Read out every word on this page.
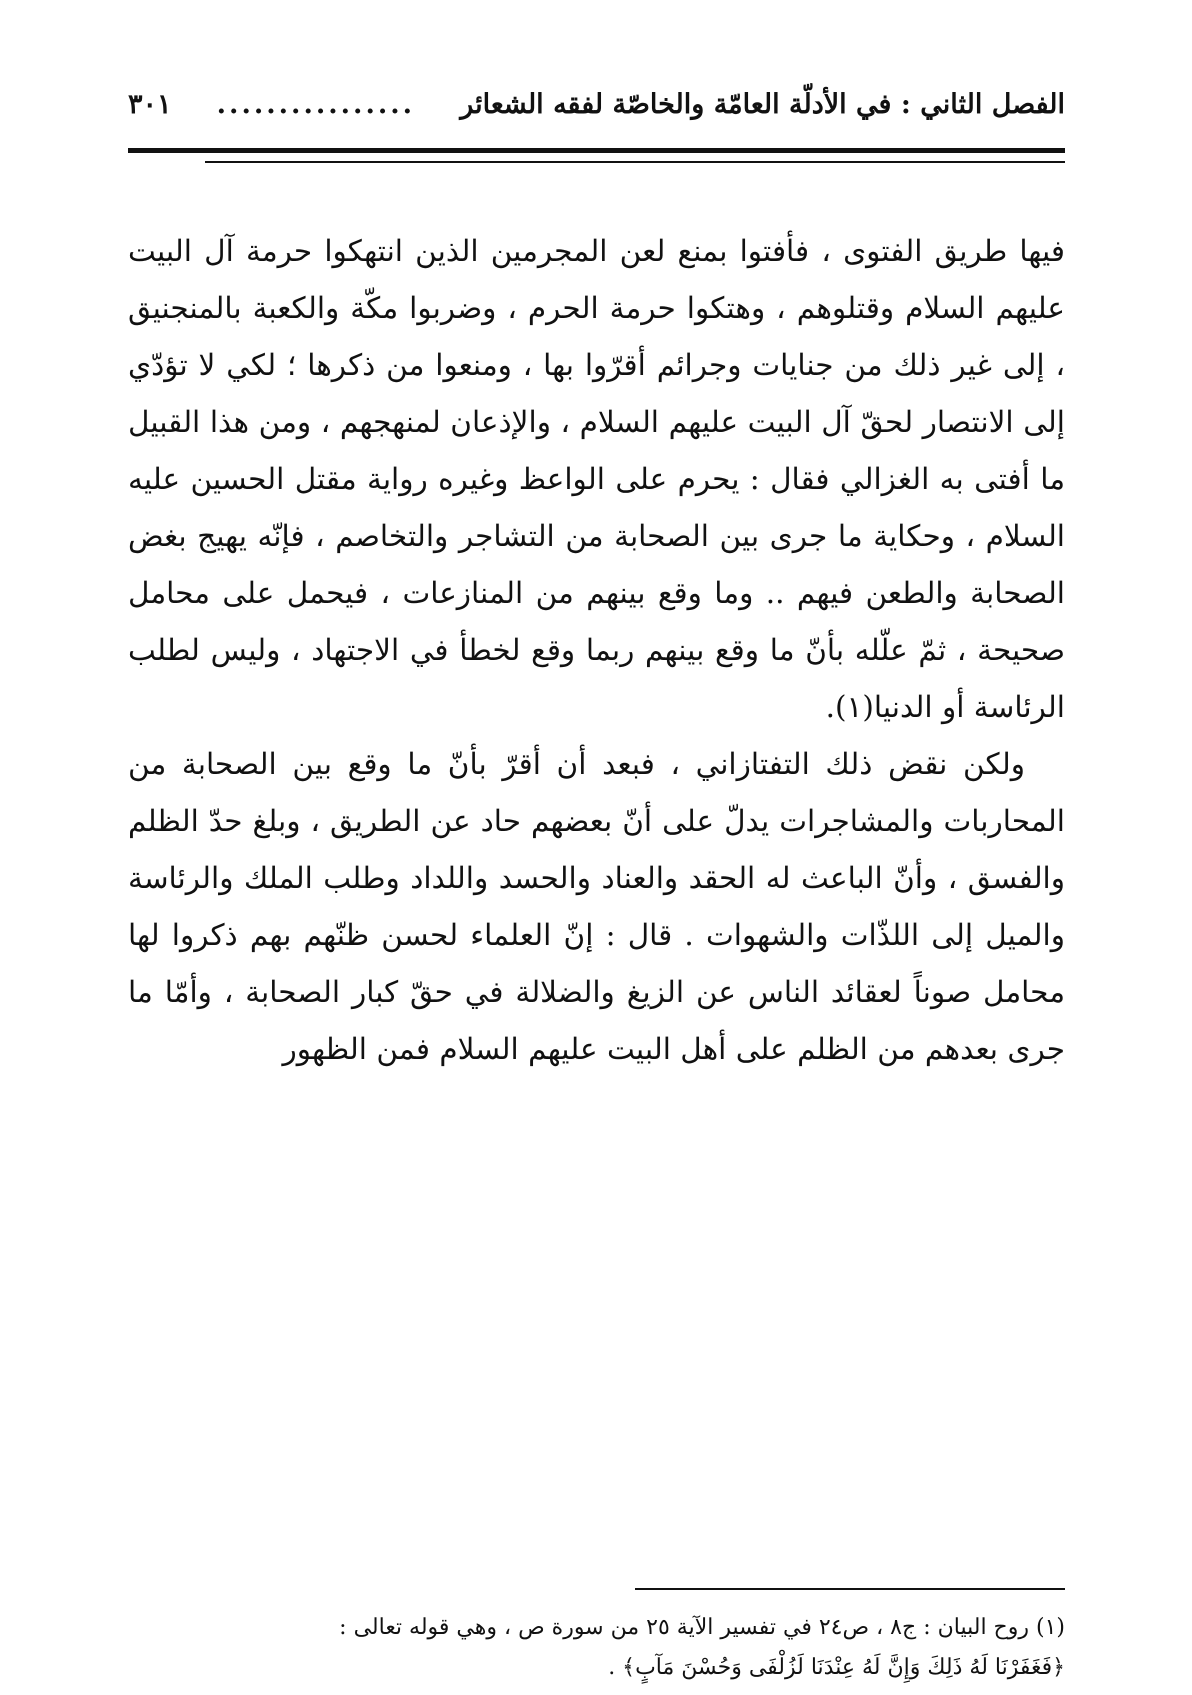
الفصل الثاني : في الأدلّة العامّة والخاصّة لفقه الشعائر
................
٣٠١

فيها طريق الفتوى ، فأفتوا بمنع لعن المجرمين الذين انتهكوا حرمة آل البيت عليهم السلام وقتلوهم ، وهتكوا حرمة الحرم ، وضربوا مكّة والكعبة بالمنجنيق ، إلى غير ذلك من جنايات وجرائم أقرّوا بها ، ومنعوا من ذكرها ؛ لكي لا تؤدّي إلى الانتصار لحقّ آل البيت عليهم السلام ، والإذعان لمنهجهم ، ومن هذا القبيل ما أفتى به الغزالي فقال : يحرم على الواعظ وغيره رواية مقتل الحسين عليه السلام ، وحكاية ما جرى بين الصحابة من التشاجر والتخاصم ، فإنّه يهيج بغض الصحابة والطعن فيهم .. وما وقع بينهم من المنازعات ، فيحمل على محامل صحيحة ، ثمّ علّله بأنّ ما وقع بينهم ربما وقع لخطأ في الاجتهاد ، وليس لطلب الرئاسة أو الدنيا(١).

ولكن نقض ذلك التفتازاني ، فبعد أن أقرّ بأنّ ما وقع بين الصحابة من المحاربات والمشاجرات يدلّ على أنّ بعضهم حاد عن الطريق ، وبلغ حدّ الظلم والفسق ، وأنّ الباعث له الحقد والعناد والحسد واللداد وطلب الملك والرئاسة والميل إلى اللذّات والشهوات . قال : إنّ العلماء لحسن ظنّهم بهم ذكروا لها محامل صوناً لعقائد الناس عن الزيغ والضلالة في حقّ كبار الصحابة ، وأمّا ما جرى بعدهم من الظلم على أهل البيت عليهم السلام فمن الظهور

(١) روح البيان : ج٨ ، ص٢٤ في تفسير الآية ٢٥ من سورة ص ، وهي قوله تعالى :

﴿فَغَفَرْنَا لَهُ ذَلِكَ وَإِنَّ لَهُ عِنْدَنَا لَزُلْفَى وَحُسْنَ مَآبٍ﴾ .
